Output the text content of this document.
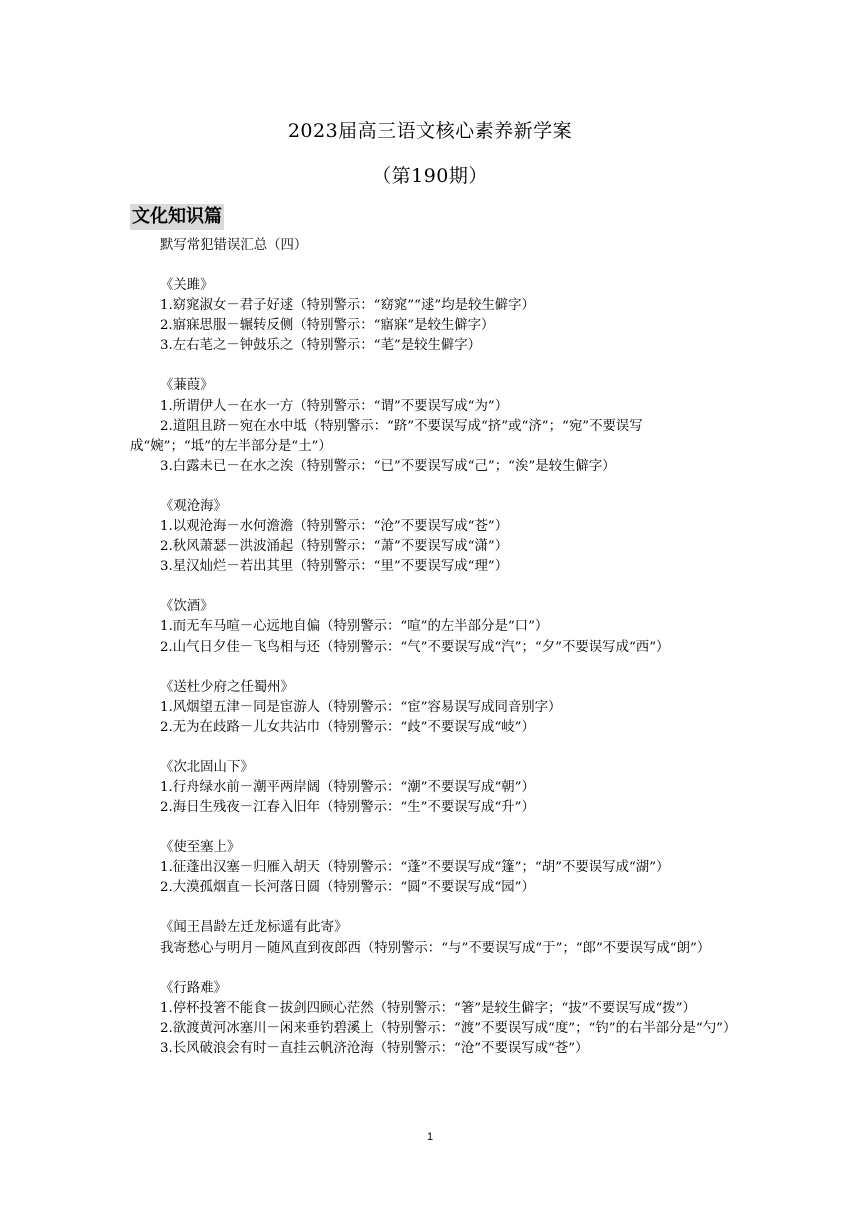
2023届高三语文核心素养新学案
（第190期）
文化知识篇

默写常犯错误汇总（四）

《关雎》

1.窈窕淑女－君子好逑（特别警示：“窈窕”“逑”均是较生僻字）

2.寤寐思服－辗转反侧（特别警示：“寤寐”是较生僻字）

3.左右芼之－钟鼓乐之（特别警示：“芼”是较生僻字）

《蒹葭》

1.所谓伊人－在水一方（特别警示：“谓”不要误写成“为”）

2.道阻且跻－宛在水中坻（特别警示：“跻”不要误写成“挤”或“济”；“宛”不要误写成“婉”；“坻”的左半部分是“土”）

3.白露未已－在水之涘（特别警示：“已”不要误写成“己”；“涘”是较生僻字）

《观沧海》

1.以观沧海－水何澹澹（特别警示：“沧”不要误写成“苍”）

2.秋风萧瑟－洪波涌起（特别警示：“萧”不要误写成“潇”）

3.星汉灿烂－若出其里（特别警示：“里”不要误写成“理”）

《饮酒》

1.而无车马喧－心远地自偏（特别警示：“喧”的左半部分是“口”）

2.山气日夕佳－飞鸟相与还（特别警示：“气”不要误写成“汽”；“夕”不要误写成“西”）

《送杜少府之任蜀州》

1.风烟望五津－同是宦游人（特别警示：“宦”容易误写成同音别字）

2.无为在歧路－儿女共沾巾（特别警示：“歧”不要误写成“岐”）

《次北固山下》

1.行舟绿水前－潮平两岸阔（特别警示：“潮”不要误写成“朝”）

2.海日生残夜－江春入旧年（特别警示：“生”不要误写成“升”）

《使至塞上》

1.征蓬出汉塞－归雁入胡天（特别警示：“蓬”不要误写成“篷”；“胡”不要误写成“湖”）

2.大漠孤烟直－长河落日圆（特别警示：“圆”不要误写成“园”）

《闻王昌龄左迁龙标遥有此寄》

我寄愁心与明月－随风直到夜郎西（特别警示：“与”不要误写成“于”；“郎”不要误写成“朗”）

《行路难》

1.停杯投箸不能食－拔剑四顾心茫然（特别警示：“箸”是较生僻字；“拔”不要误写成“拨”）

2.欲渡黄河冰塞川－闲来垂钓碧溪上（特别警示：“渡”不要误写成“度”；“钓”的右半部分是“勺”）

3.长风破浪会有时－直挂云帆济沧海（特别警示：“沧”不要误写成“苍”）

1
